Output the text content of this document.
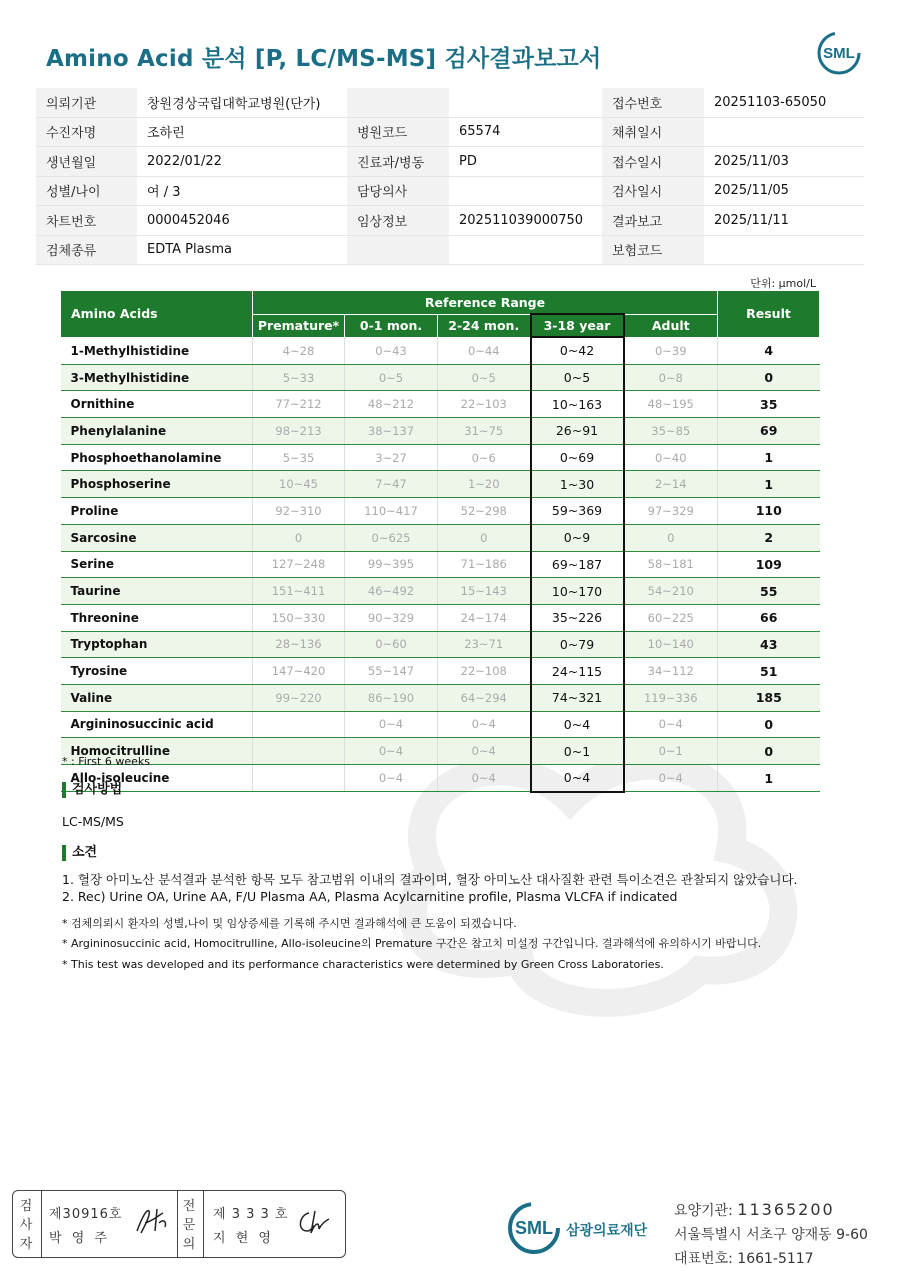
Amino Acid 분석 [P, LC/MS-MS] 검사결과보고서	SML
의뢰기관	창원경상국립대학교병원(단가)			접수번호	20251103-65050
수진자명	조하린	병원코드	65574	채취일시	
생년월일	2022/01/22	진료과/병동	PD	접수일시	2025/11/03
성별/나이	여 / 3	담당의사		검사일시	2025/11/05
차트번호	0000452046	임상정보	202511039000750	결과보고	2025/11/11
검체종류	EDTA Plasma			보험코드	
단위: μmol/L
Amino Acids	Reference Range					Result
	Premature*	0-1 mon.	2-24 mon.	3-18 year	Adult	
1-Methylhistidine	4~28	0~43	0~44	0~42	0~39	4
3-Methylhistidine	5~33	0~5	0~5	0~5	0~8	0
Ornithine	77~212	48~212	22~103	10~163	48~195	35
Phenylalanine	98~213	38~137	31~75	26~91	35~85	69
Phosphoethanolamine	5~35	3~27	0~6	0~69	0~40	1
Phosphoserine	10~45	7~47	1~20	1~30	2~14	1
Proline	92~310	110~417	52~298	59~369	97~329	110
Sarcosine	0	0~625	0	0~9	0	2
Serine	127~248	99~395	71~186	69~187	58~181	109
Taurine	151~411	46~492	15~143	10~170	54~210	55
Threonine	150~330	90~329	24~174	35~226	60~225	66
Tryptophan	28~136	0~60	23~71	0~79	10~140	43
Tyrosine	147~420	55~147	22~108	24~115	34~112	51
Valine	99~220	86~190	64~294	74~321	119~336	185
Argininosuccinic acid		0~4	0~4	0~4	0~4	0
Homocitrulline		0~4	0~4	0~1	0~1	0
Allo-isoleucine		0~4	0~4	0~4	0~4	1
* : First 6 weeks
검사방법
LC-MS/MS
소견
1. 혈장 아미노산 분석결과 분석한 항목 모두 참고범위 이내의 결과이며, 혈장 아미노산 대사질환 관련 특이소견은 관찰되지 않았습니다.
2. Rec) Urine OA, Urine AA, F/U Plasma AA, Plasma Acylcarnitine profile, Plasma VLCFA if indicated
* 검체의뢰시 환자의 성별,나이 및 임상증세를 기록해 주시면 결과해석에 큰 도움이 되겠습니다.
* Argininosuccinic acid, Homocitrulline, Allo-isoleucine의 Premature 구간은 참고치 미설정 구간입니다. 결과해석에 유의하시기 바랍니다.
* This test was developed and its performance characteristics were determined by Green Cross Laboratories.
검사자
제30916호
박 영 주
전문의
제 3 3 3 호
지 현 영
SML 삼광의료재단
요양기관: 11365200
서울특별시 서초구 양재동 9-60
대표번호: 1661-5117
